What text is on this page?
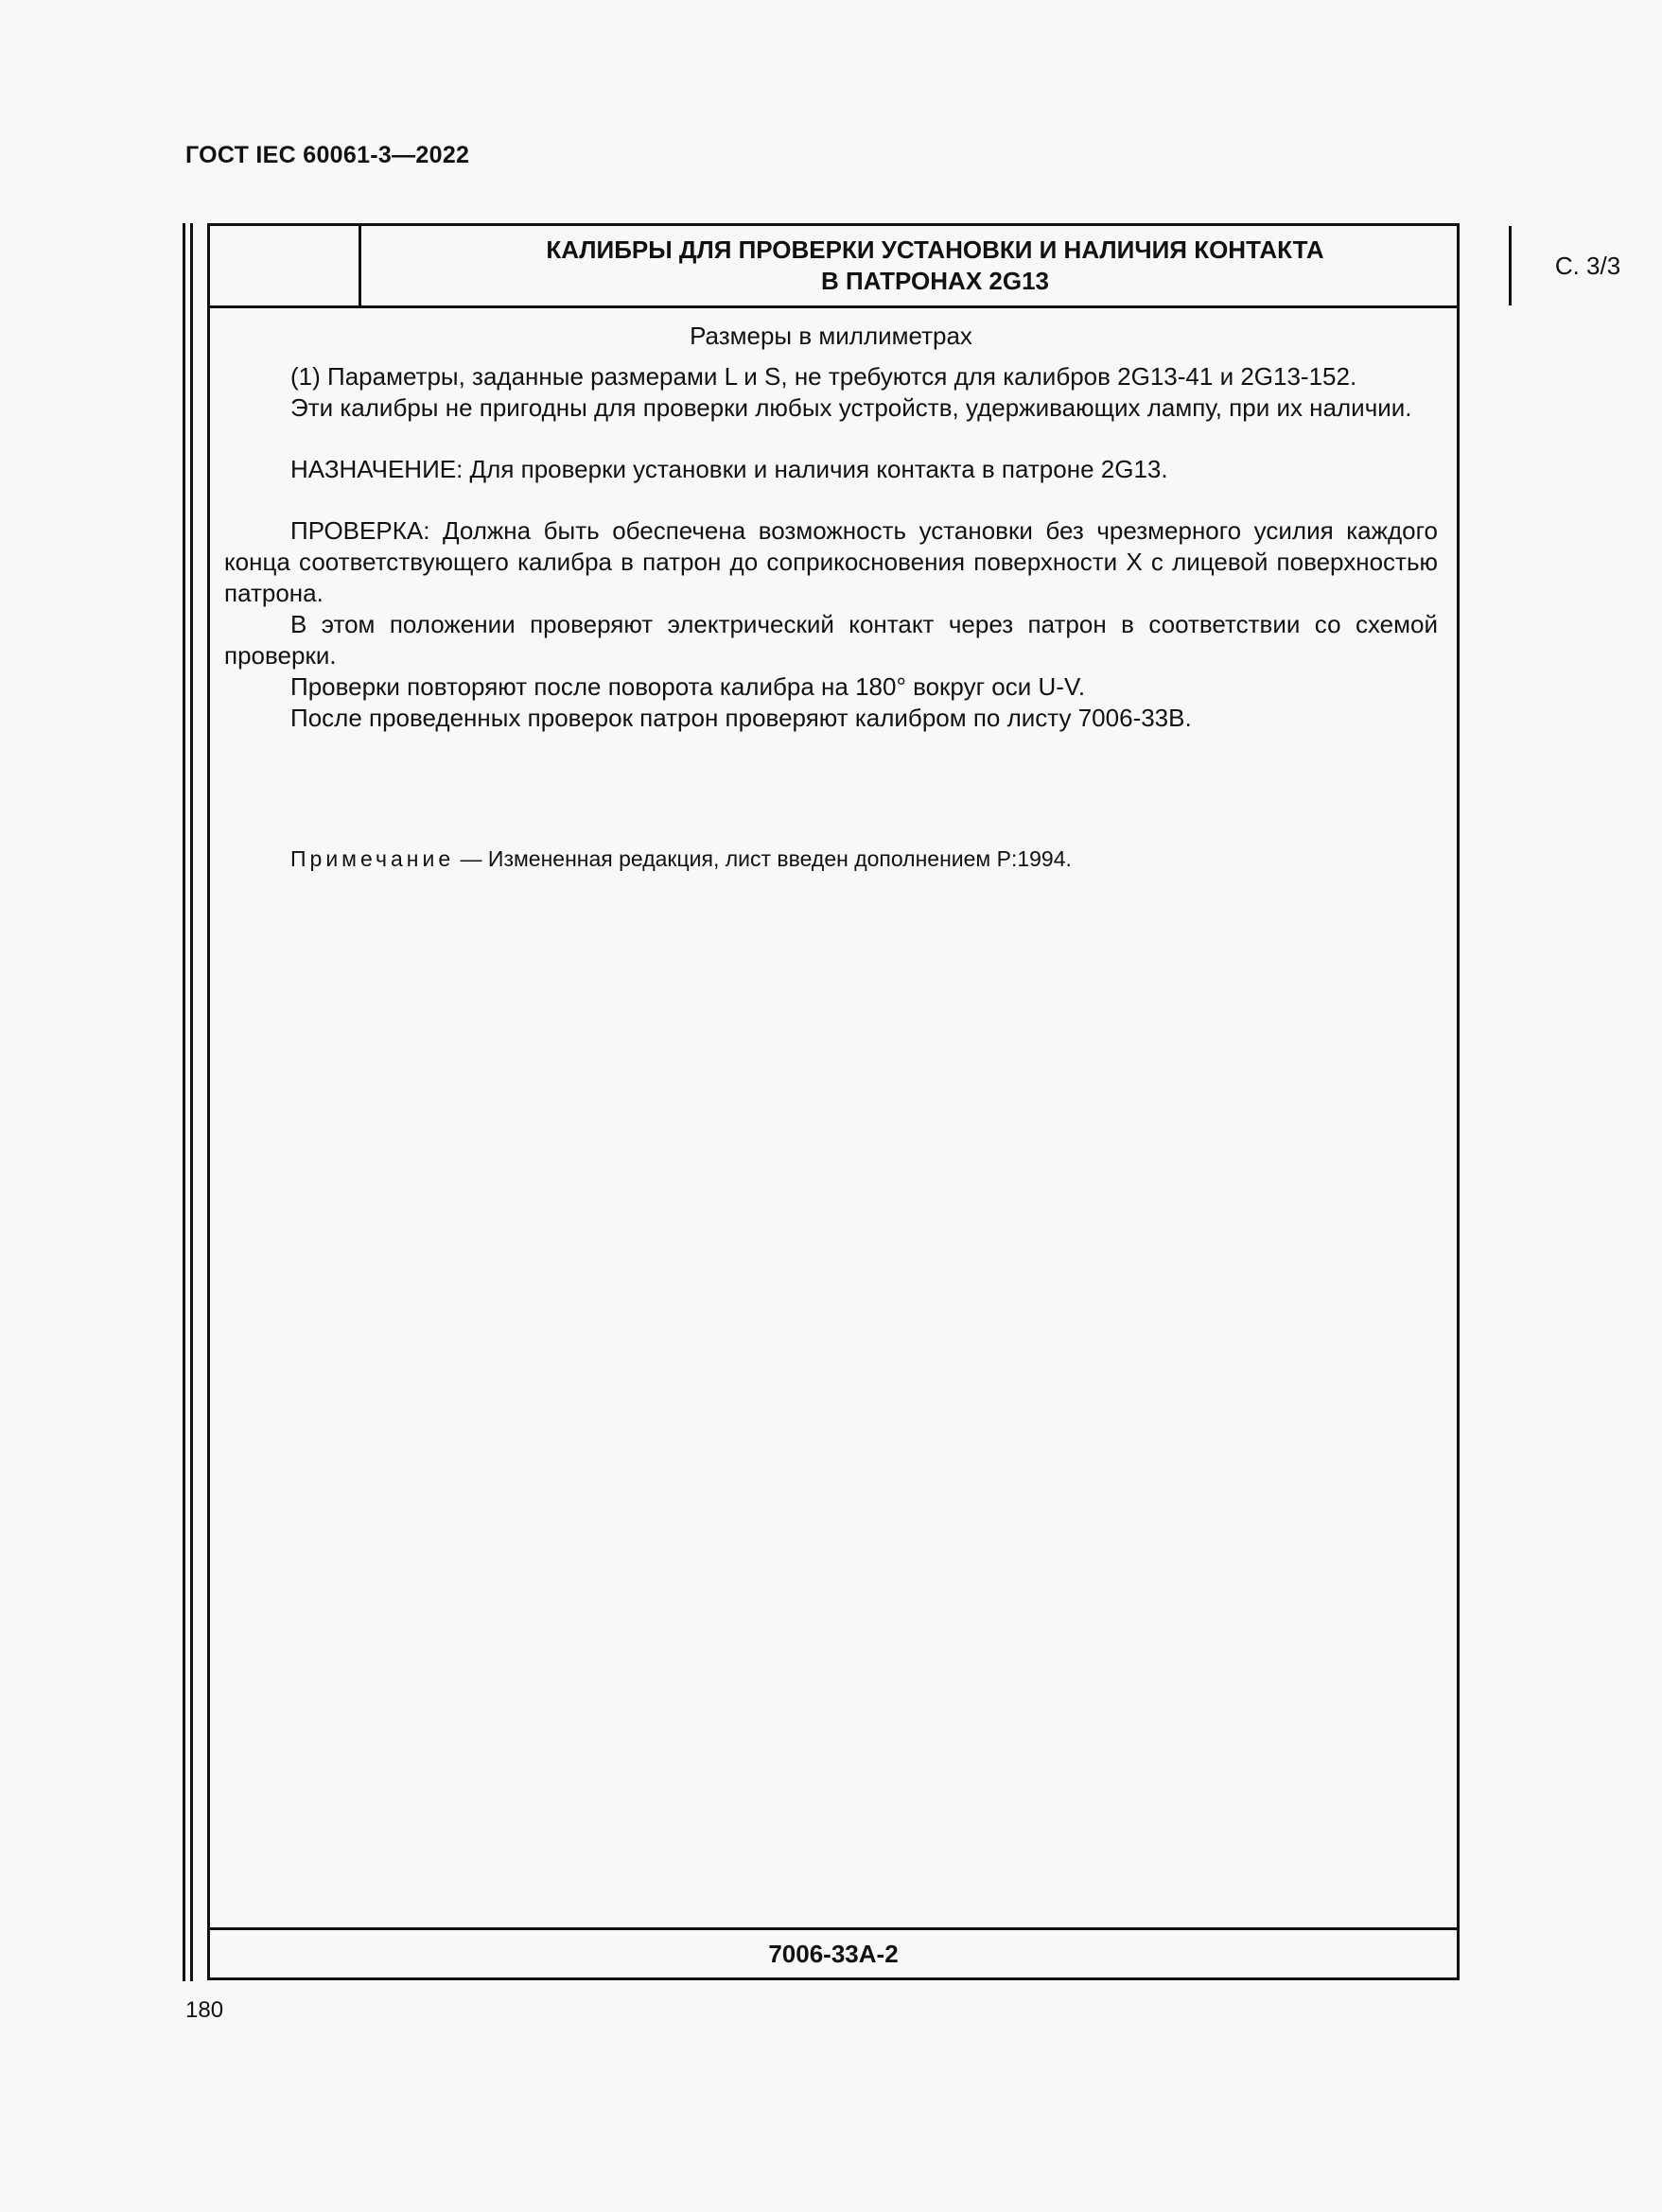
ГОСТ IEC 60061-3—2022
КАЛИБРЫ ДЛЯ ПРОВЕРКИ УСТАНОВКИ И НАЛИЧИЯ КОНТАКТА
В ПАТРОНАХ 2G13
С. 3/3

Размеры в миллиметрах

(1) Параметры, заданные размерами L и S, не требуются для калибров 2G13-41 и 2G13-152.

Эти калибры не пригодны для проверки любых устройств, удерживающих лампу, при их наличии.

НАЗНАЧЕНИЕ: Для проверки установки и наличия контакта в патроне 2G13.

ПРОВЕРКА: Должна быть обеспечена возможность установки без чрезмерного усилия каждого конца соответствующего калибра в патрон до соприкосновения поверхности X с лицевой поверхностью патрона.

В этом положении проверяют электрический контакт через патрон в соответствии со схемой проверки.

Проверки повторяют после поворота калибра на 180° вокруг оси U-V.

После проведенных проверок патрон проверяют калибром по листу 7006-33B.

Примечание — Измененная редакция, лист введен дополнением P:1994.

7006-33А-2
180
